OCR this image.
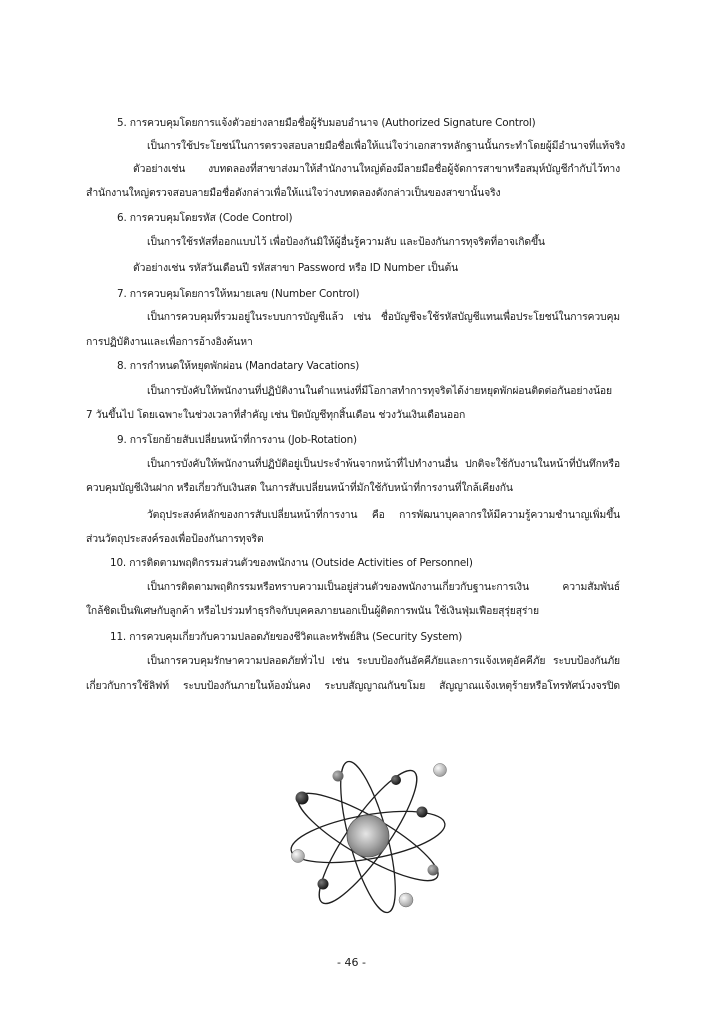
5. การควบคุมโดยการแจ้งตัวอย่างลายมือชื่อผู้รับมอบอำนาจ (Authorized Signature Control)
เป็นการใช้ประโยชน์ในการตรวจสอบลายมือชื่อเพื่อให้แน่ใจว่าเอกสารหลักฐานนั้นกระทำโดยผู้มีอำนาจที่แท้จริง
ตัวอย่างเช่น งบทดลองที่สาขาส่งมาให้สำนักงานใหญ่ต้องมีลายมือชื่อผู้จัดการสาขาหรือสมุห์บัญชีกำกับไว้ทาง
สำนักงานใหญ่ตรวจสอบลายมือชื่อดังกล่าวเพื่อให้แน่ใจว่างบทดลองดังกล่าวเป็นของสาขานั้นจริง
6. การควบคุมโดยรหัส (Code Control)
เป็นการใช้รหัสที่ออกแบบไว้ เพื่อป้องกันมิให้ผู้อื่นรู้ความลับ และป้องกันการทุจริตที่อาจเกิดขึ้น
ตัวอย่างเช่น รหัสวันเดือนปี รหัสสาขา Password หรือ ID Number เป็นต้น
7. การควบคุมโดยการให้หมายเลข (Number Control)
เป็นการควบคุมที่รวมอยู่ในระบบการบัญชีแล้ว เช่น ชื่อบัญชีจะใช้รหัสบัญชีแทนเพื่อประโยชน์ในการควบคุม
การปฏิบัติงานและเพื่อการอ้างอิงค้นหา
8. การกำหนดให้หยุดพักผ่อน (Mandatary Vacations)
เป็นการบังคับให้พนักงานที่ปฏิบัติงานในตำแหน่งที่มีโอกาสทำการทุจริตได้ง่ายหยุดพักผ่อนติดต่อกันอย่างน้อย
7 วันขึ้นไป โดยเฉพาะในช่วงเวลาที่สำคัญ เช่น ปิดบัญชีทุกสิ้นเดือน ช่วงวันเงินเดือนออก
9. การโยกย้ายสับเปลี่ยนหน้าที่การงาน (Job-Rotation)
เป็นการบังคับให้พนักงานที่ปฏิบัติอยู่เป็นประจำพ้นจากหน้าที่ไปทำงานอื่น ปกติจะใช้กับงานในหน้าที่บันทึกหรือ
ควบคุมบัญชีเงินฝาก หรือเกี่ยวกับเงินสด ในการสับเปลี่ยนหน้าที่มักใช้กับหน้าที่การงานที่ใกล้เคียงกัน
วัตถุประสงค์หลักของการสับเปลี่ยนหน้าที่การงาน คือ การพัฒนาบุคลากรให้มีความรู้ความชำนาญเพิ่มขึ้น
ส่วนวัตถุประสงค์รองเพื่อป้องกันการทุจริต
10. การติดตามพฤติกรรมส่วนตัวของพนักงาน (Outside Activities of Personnel)
เป็นการติดตามพฤติกรรมหรือทราบความเป็นอยู่ส่วนตัวของพนักงานเกี่ยวกับฐานะการเงิน ความสัมพันธ์
ใกล้ชิดเป็นพิเศษกับลูกค้า หรือไปร่วมทำธุรกิจกับบุคคลภายนอกเป็นผู้ติดการพนัน ใช้เงินฟุ่มเฟือยสุรุ่ยสุร่าย
11. การควบคุมเกี่ยวกับความปลอดภัยของชีวิตและทรัพย์สิน (Security System)
เป็นการควบคุมรักษาความปลอดภัยทั่วไป เช่น ระบบป้องกันอัคคีภัยและการแจ้งเหตุอัคคีภัย ระบบป้องกันภัย
เกี่ยวกับการใช้ลิฟท์ ระบบป้องกันภายในห้องมั่นคง ระบบสัญญาณกันขโมย สัญญาณแจ้งเหตุร้ายหรือโทรทัศน์วงจรปิด
- 46 -
